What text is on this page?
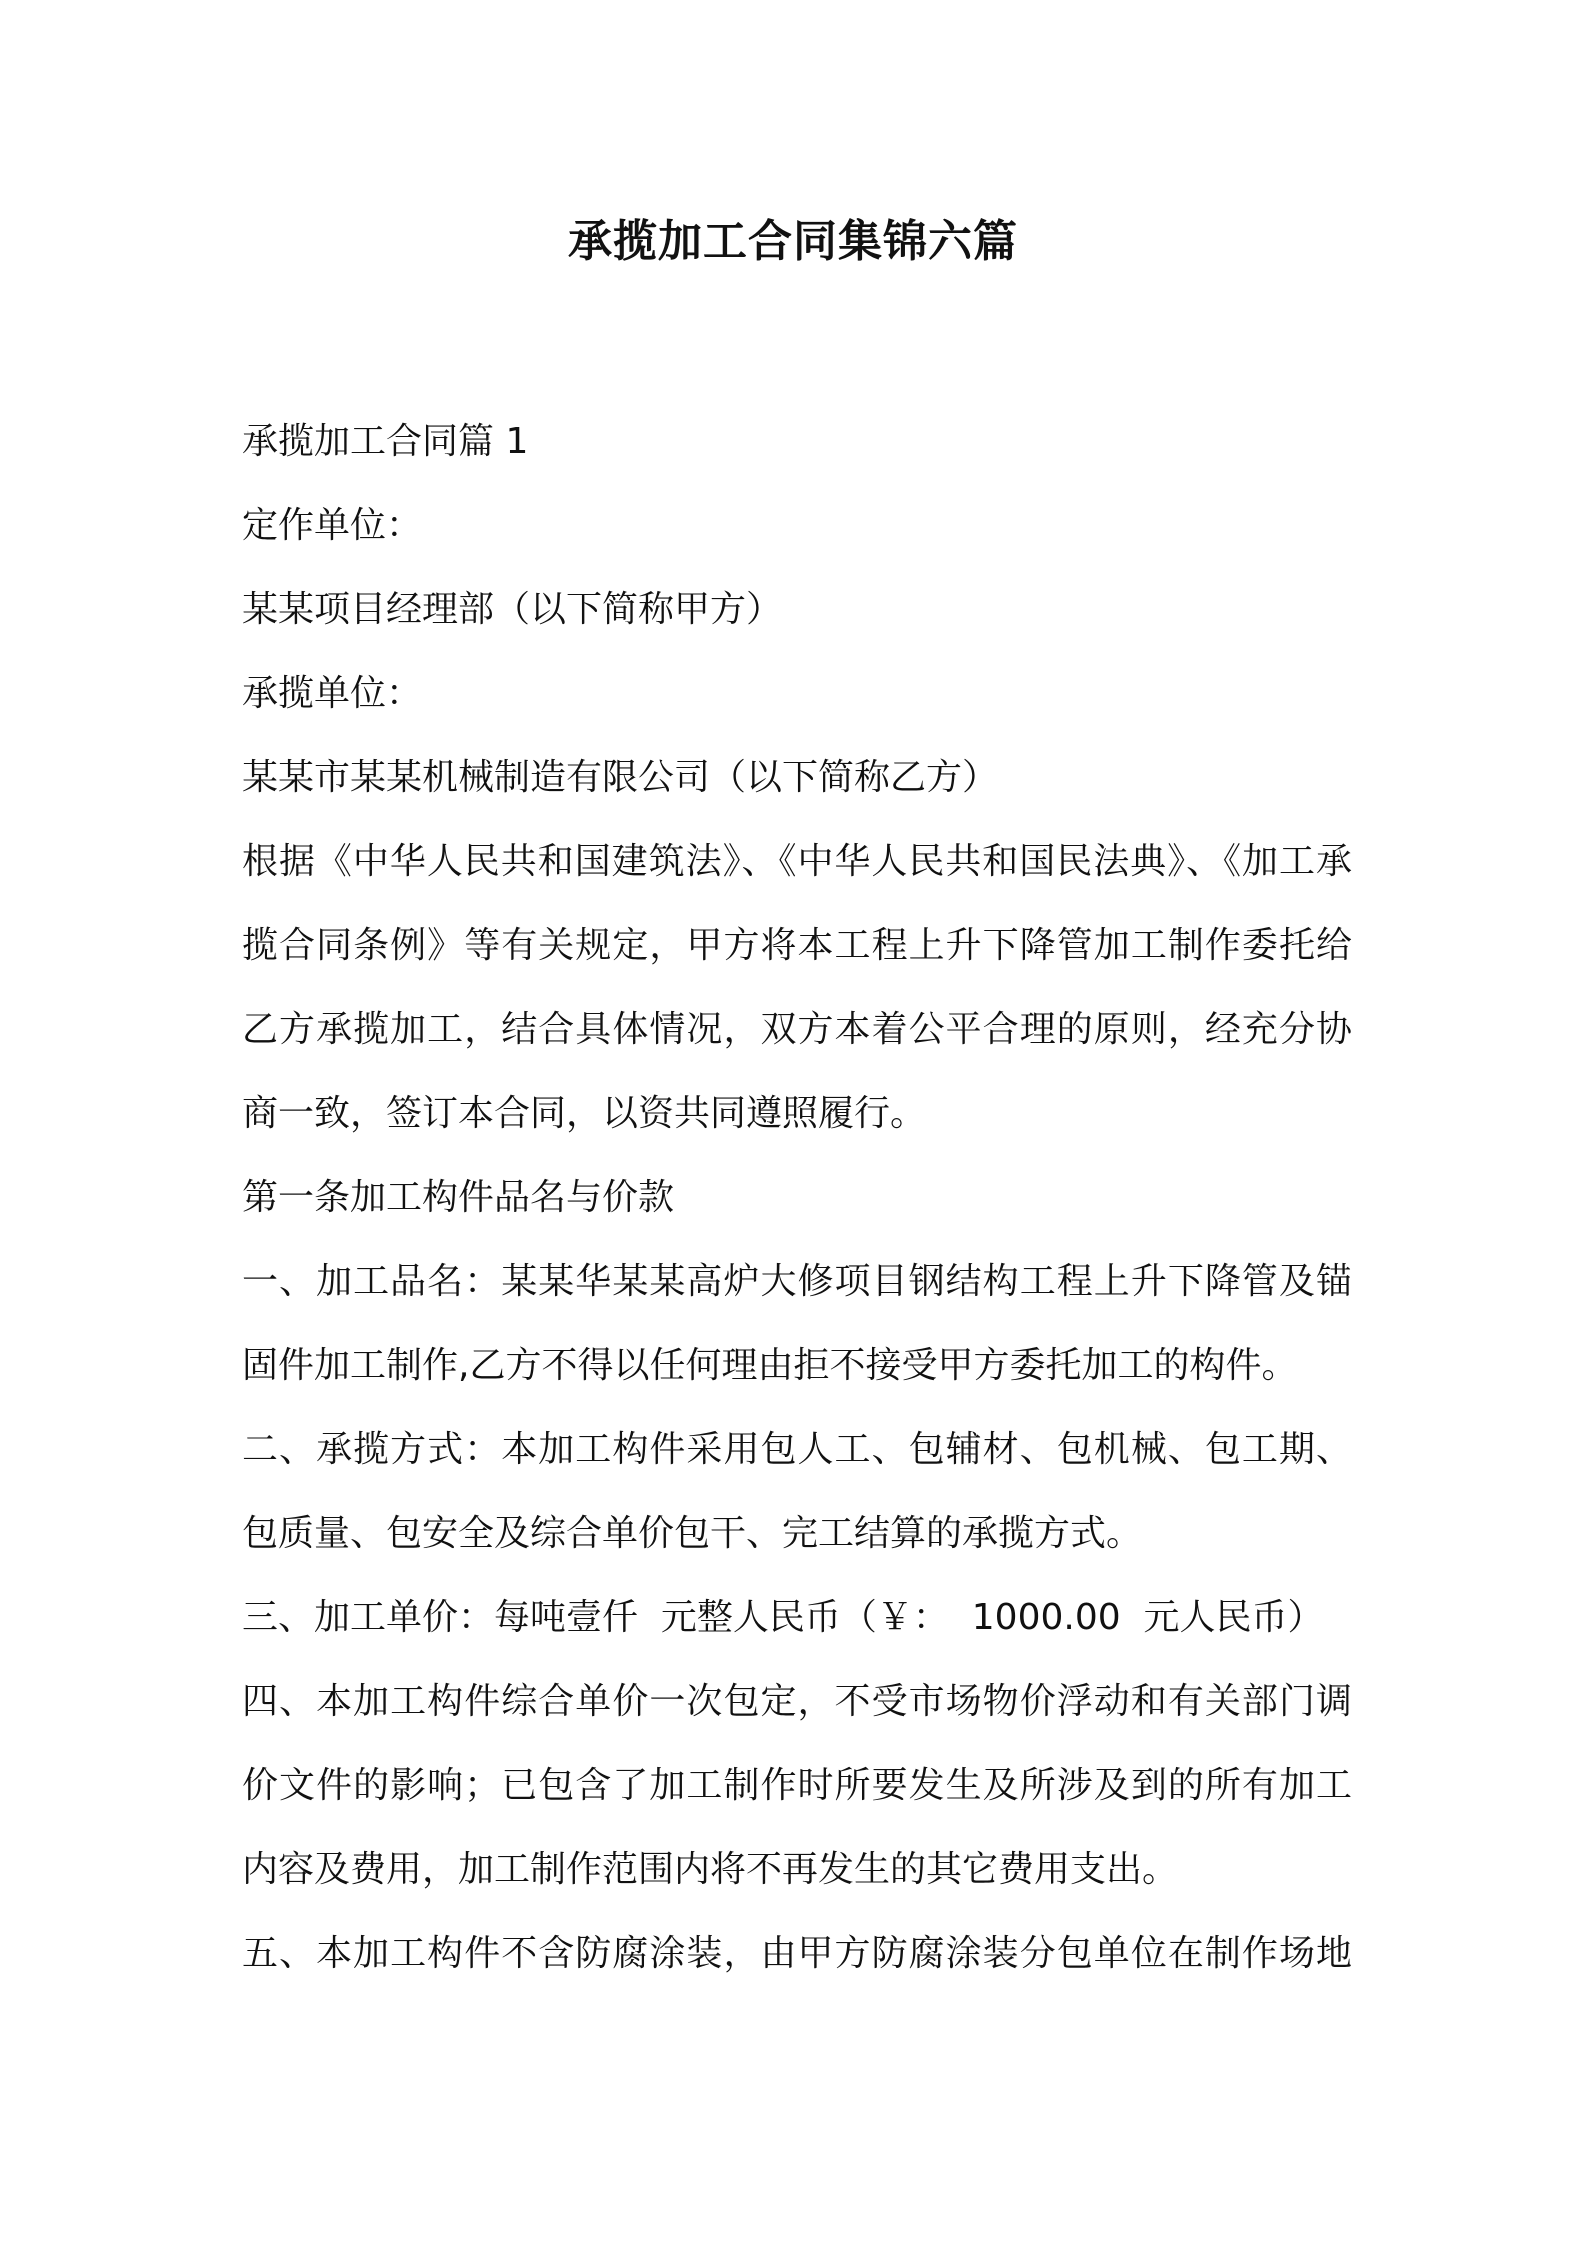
承揽加工合同集锦六篇
承揽加工合同篇 1
定作单位：
某某项目经理部（以下简称甲方）
承揽单位：
某某市某某机械制造有限公司（以下简称乙方）
根据《中华人民共和国建筑法》、《中华人民共和国民法典》、《加工承
揽合同条例》等有关规定，甲方将本工程上升下降管加工制作委托给
乙方承揽加工，结合具体情况，双方本着公平合理的原则，经充分协
商一致，签订本合同，以资共同遵照履行。
第一条加工构件品名与价款
一、加工品名：某某华某某高炉大修项目钢结构工程上升下降管及锚
固件加工制作,乙方不得以任何理由拒不接受甲方委托加工的构件。
二、承揽方式：本加工构件采用包人工、包辅材、包机械、包工期、
包质量、包安全及综合单价包干、完工结算的承揽方式。
三、加工单价：每吨壹仟  元整人民币（￥：  1000.00  元人民币）
四、本加工构件综合单价一次包定，不受市场物价浮动和有关部门调
价文件的影响；已包含了加工制作时所要发生及所涉及到的所有加工
内容及费用，加工制作范围内将不再发生的其它费用支出。
五、本加工构件不含防腐涂装，由甲方防腐涂装分包单位在制作场地
